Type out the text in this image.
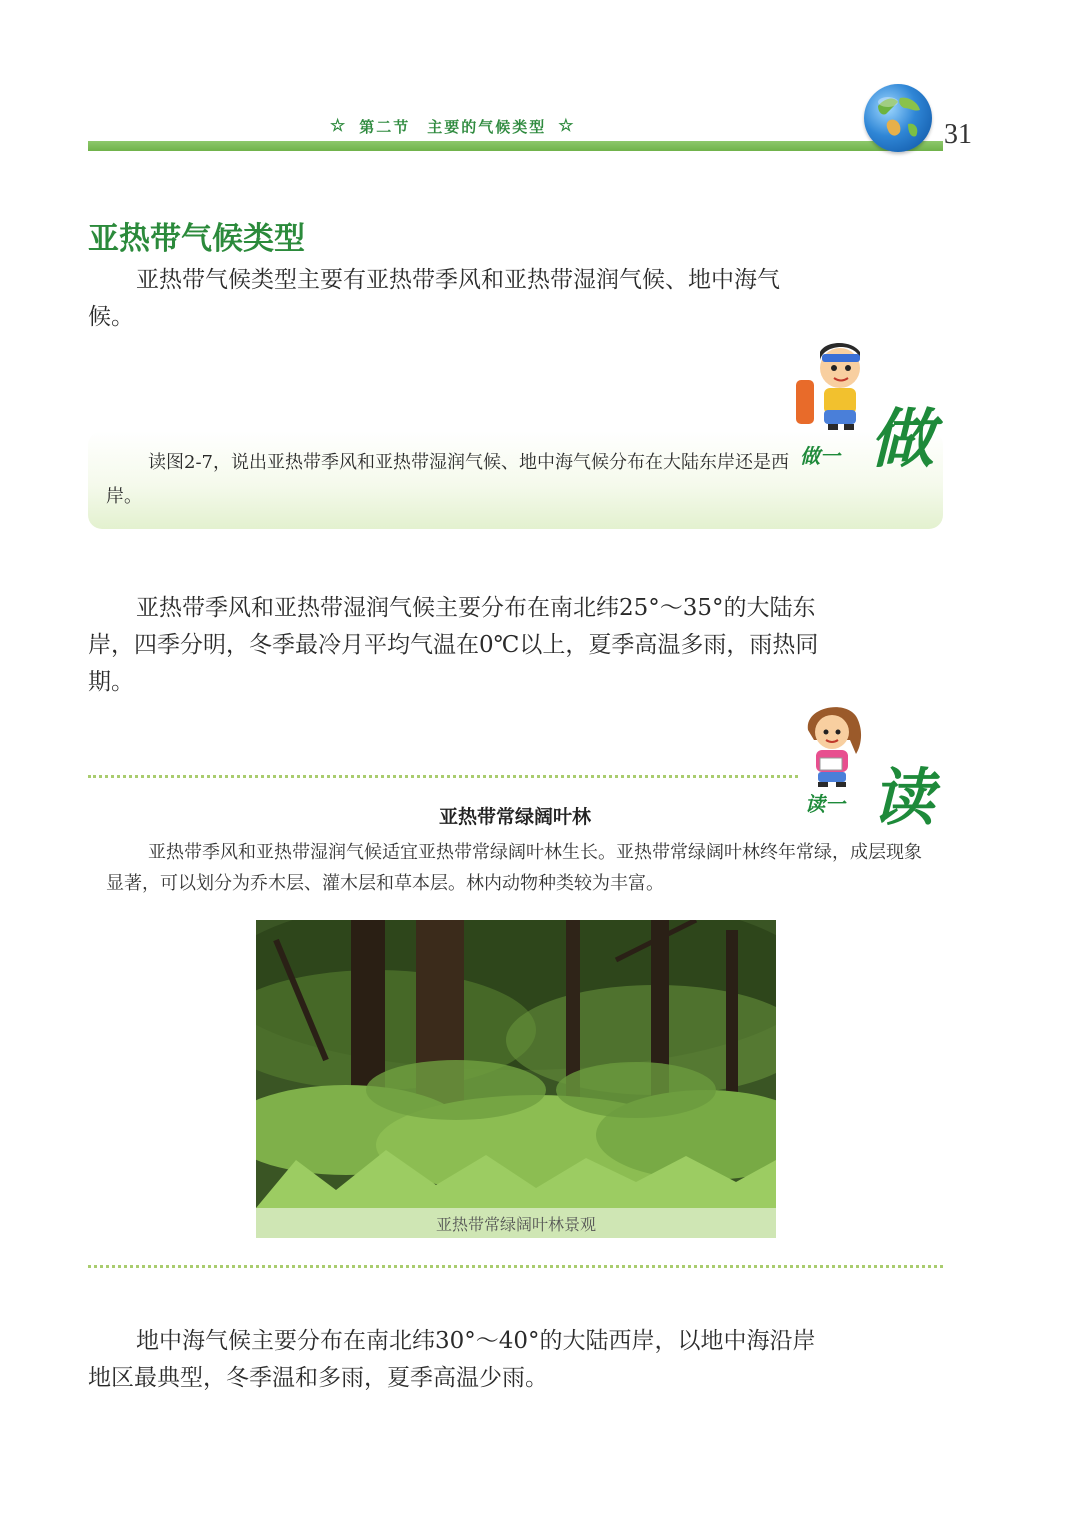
☆ 第二节　主要的气候类型 ☆	31
亚热带气候类型
亚热带气候类型主要有亚热带季风和亚热带湿润气候、地中海气候。
读图2-7，说出亚热带季风和亚热带湿润气候、地中海气候分布在大陆东岸还是西岸。
做一 做
亚热带季风和亚热带湿润气候主要分布在南北纬25°～35°的大陆东岸，四季分明，冬季最冷月平均气温在0℃以上，夏季高温多雨，雨热同期。
读一 读
亚热带常绿阔叶林
亚热带季风和亚热带湿润气候适宜亚热带常绿阔叶林生长。亚热带常绿阔叶林终年常绿，成层现象显著，可以划分为乔木层、灌木层和草本层。林内动物种类较为丰富。
亚热带常绿阔叶林景观
地中海气候主要分布在南北纬30°～40°的大陆西岸，以地中海沿岸地区最典型，冬季温和多雨，夏季高温少雨。
